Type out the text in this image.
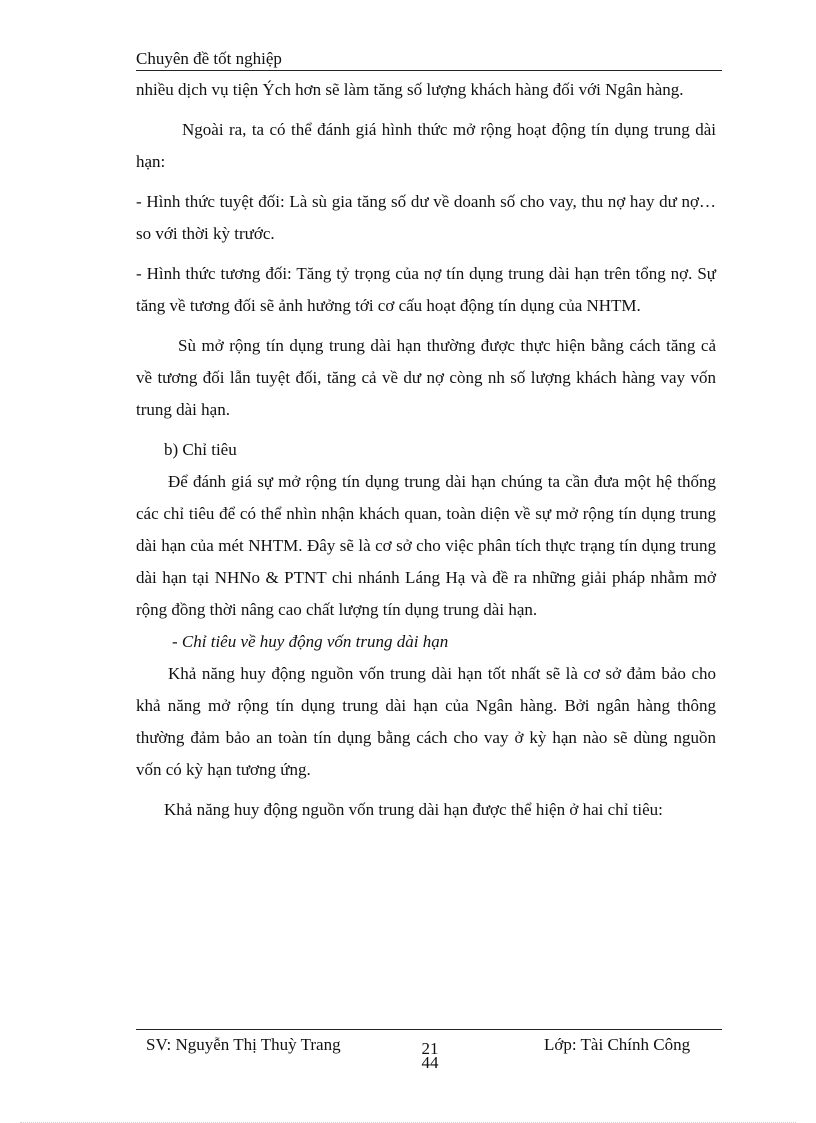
Chuyên đề tốt nghiệp

nhiều dịch vụ tiện Ých hơn sẽ làm tăng số lượng khách hàng đối với Ngân hàng.

Ngoài ra, ta có thể đánh giá hình thức mở rộng hoạt động tín dụng trung dài hạn:

- Hình thức tuyệt đối: Là sù gia tăng số dư về doanh số cho vay, thu nợ hay dư nợ… so với thời kỳ trước.

- Hình thức tương đối: Tăng tỷ trọng của nợ tín dụng trung dài hạn trên tổng nợ. Sự tăng về tương đối sẽ ảnh hưởng tới cơ cấu hoạt động tín dụng của NHTM.

Sù mở rộng tín dụng trung dài hạn thường được thực hiện bằng cách tăng cả về tương đối lẫn tuyệt đối, tăng cả về dư nợ còng nh số lượng khách hàng vay vốn trung dài hạn.

b) Chỉ tiêu

Để đánh giá sự mở rộng tín dụng trung dài hạn chúng ta cần đưa một hệ thống các chỉ tiêu để có thể nhìn nhận khách quan, toàn diện về sự mở rộng tín dụng trung dài hạn của mét NHTM. Đây sẽ là cơ sở cho việc phân tích thực trạng tín dụng trung dài hạn tại NHNo & PTNT chi nhánh Láng Hạ và đề ra những giải pháp nhằm mở rộng đồng thời nâng cao chất lượng tín dụng trung dài hạn.

- Chỉ tiêu về huy động vốn trung dài hạn

Khả năng huy động nguồn vốn trung dài hạn tốt nhất sẽ là cơ sở đảm bảo cho khả năng mở rộng tín dụng trung dài hạn của Ngân hàng. Bởi ngân hàng thông thường đảm bảo an toàn tín dụng bằng cách cho vay ở kỳ hạn nào sẽ dùng nguồn vốn có kỳ hạn tương ứng.

Khả năng huy động nguồn vốn trung dài hạn được thể hiện ở hai chỉ tiêu:

SV: Nguyễn Thị Thuỳ Trang	21
44
Lớp: Tài Chính Công
